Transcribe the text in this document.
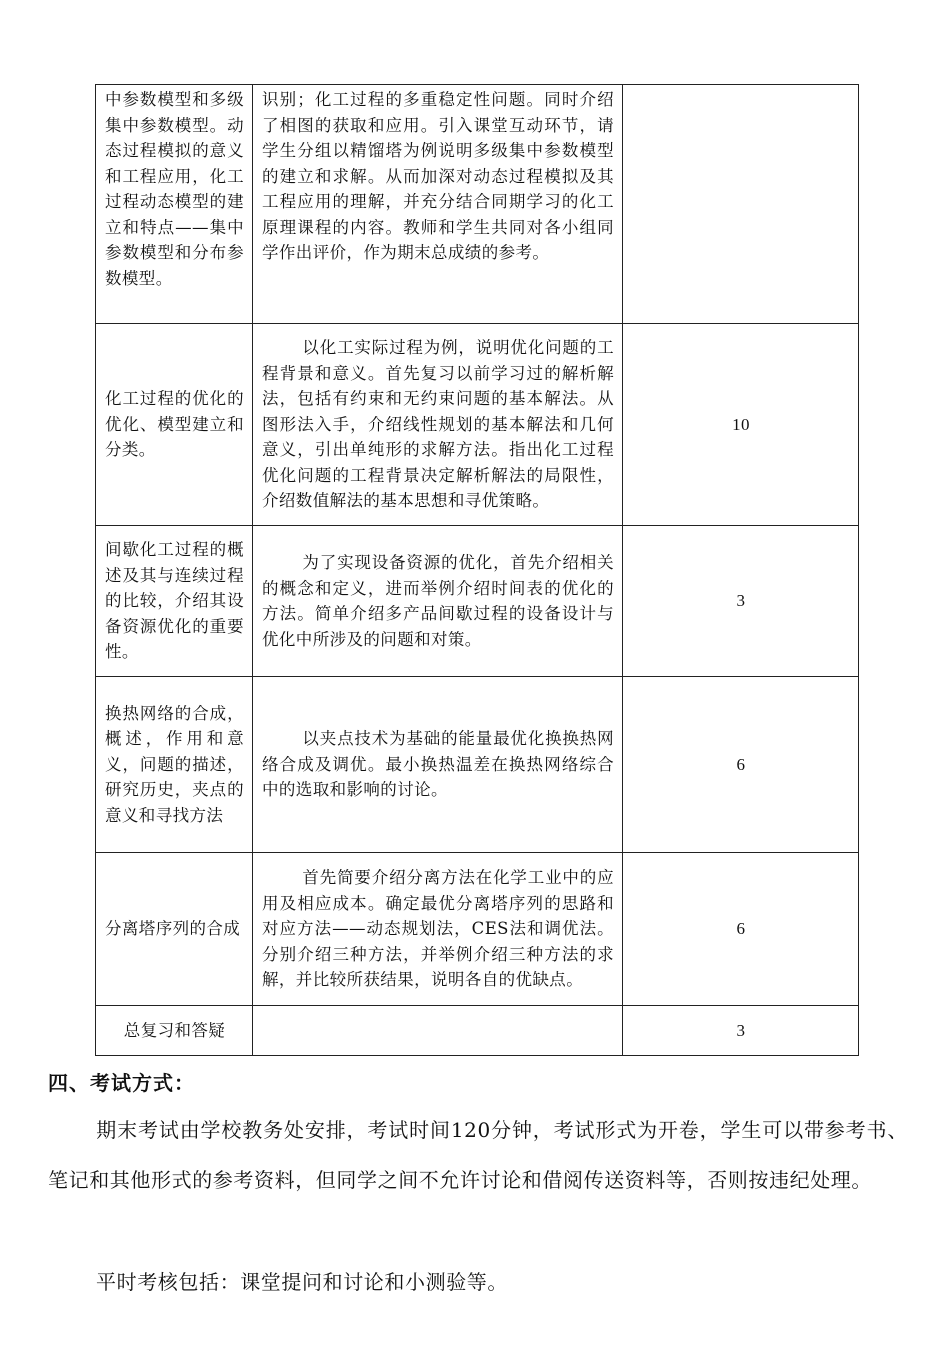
中参数模型和多级集中参数模型。动态过程模拟的意义和工程应用，化工过程动态模型的建立和特点——集中参数模型和分布参数模型。	识别；化工过程的多重稳定性问题。同时介绍了相图的获取和应用。引入课堂互动环节，请学生分组以精馏塔为例说明多级集中参数模型的建立和求解。从而加深对动态过程模拟及其工程应用的理解，并充分结合同期学习的化工原理课程的内容。教师和学生共同对各小组同学作出评价，作为期末总成绩的参考。	
化工过程的优化的优化、模型建立和分类。	以化工实际过程为例，说明优化问题的工程背景和意义。首先复习以前学习过的解析解法，包括有约束和无约束问题的基本解法。从图形法入手，介绍线性规划的基本解法和几何意义，引出单纯形的求解方法。指出化工过程优化问题的工程背景决定解析解法的局限性，介绍数值解法的基本思想和寻优策略。	10
间歇化工过程的概述及其与连续过程的比较，介绍其设备资源优化的重要性。	为了实现设备资源的优化，首先介绍相关的概念和定义，进而举例介绍时间表的优化的方法。简单介绍多产品间歇过程的设备设计与优化中所涉及的问题和对策。	3
换热网络的合成，概述，作用和意义，问题的描述，研究历史，夹点的意义和寻找方法	以夹点技术为基础的能量最优化换换热网络合成及调优。最小换热温差在换热网络综合中的选取和影响的讨论。	6
分离塔序列的合成	首先简要介绍分离方法在化学工业中的应用及相应成本。确定最优分离塔序列的思路和对应方法——动态规划法，CES法和调优法。分别介绍三种方法，并举例介绍三种方法的求解，并比较所获结果，说明各自的优缺点。	6
总复习和答疑		3
四、考试方式：
期末考试由学校教务处安排，考试时间120分钟，考试形式为开卷，学生可以带参考书、笔记和其他形式的参考资料，但同学之间不允许讨论和借阅传送资料等，否则按违纪处理。
平时考核包括：课堂提问和讨论和小测验等。
